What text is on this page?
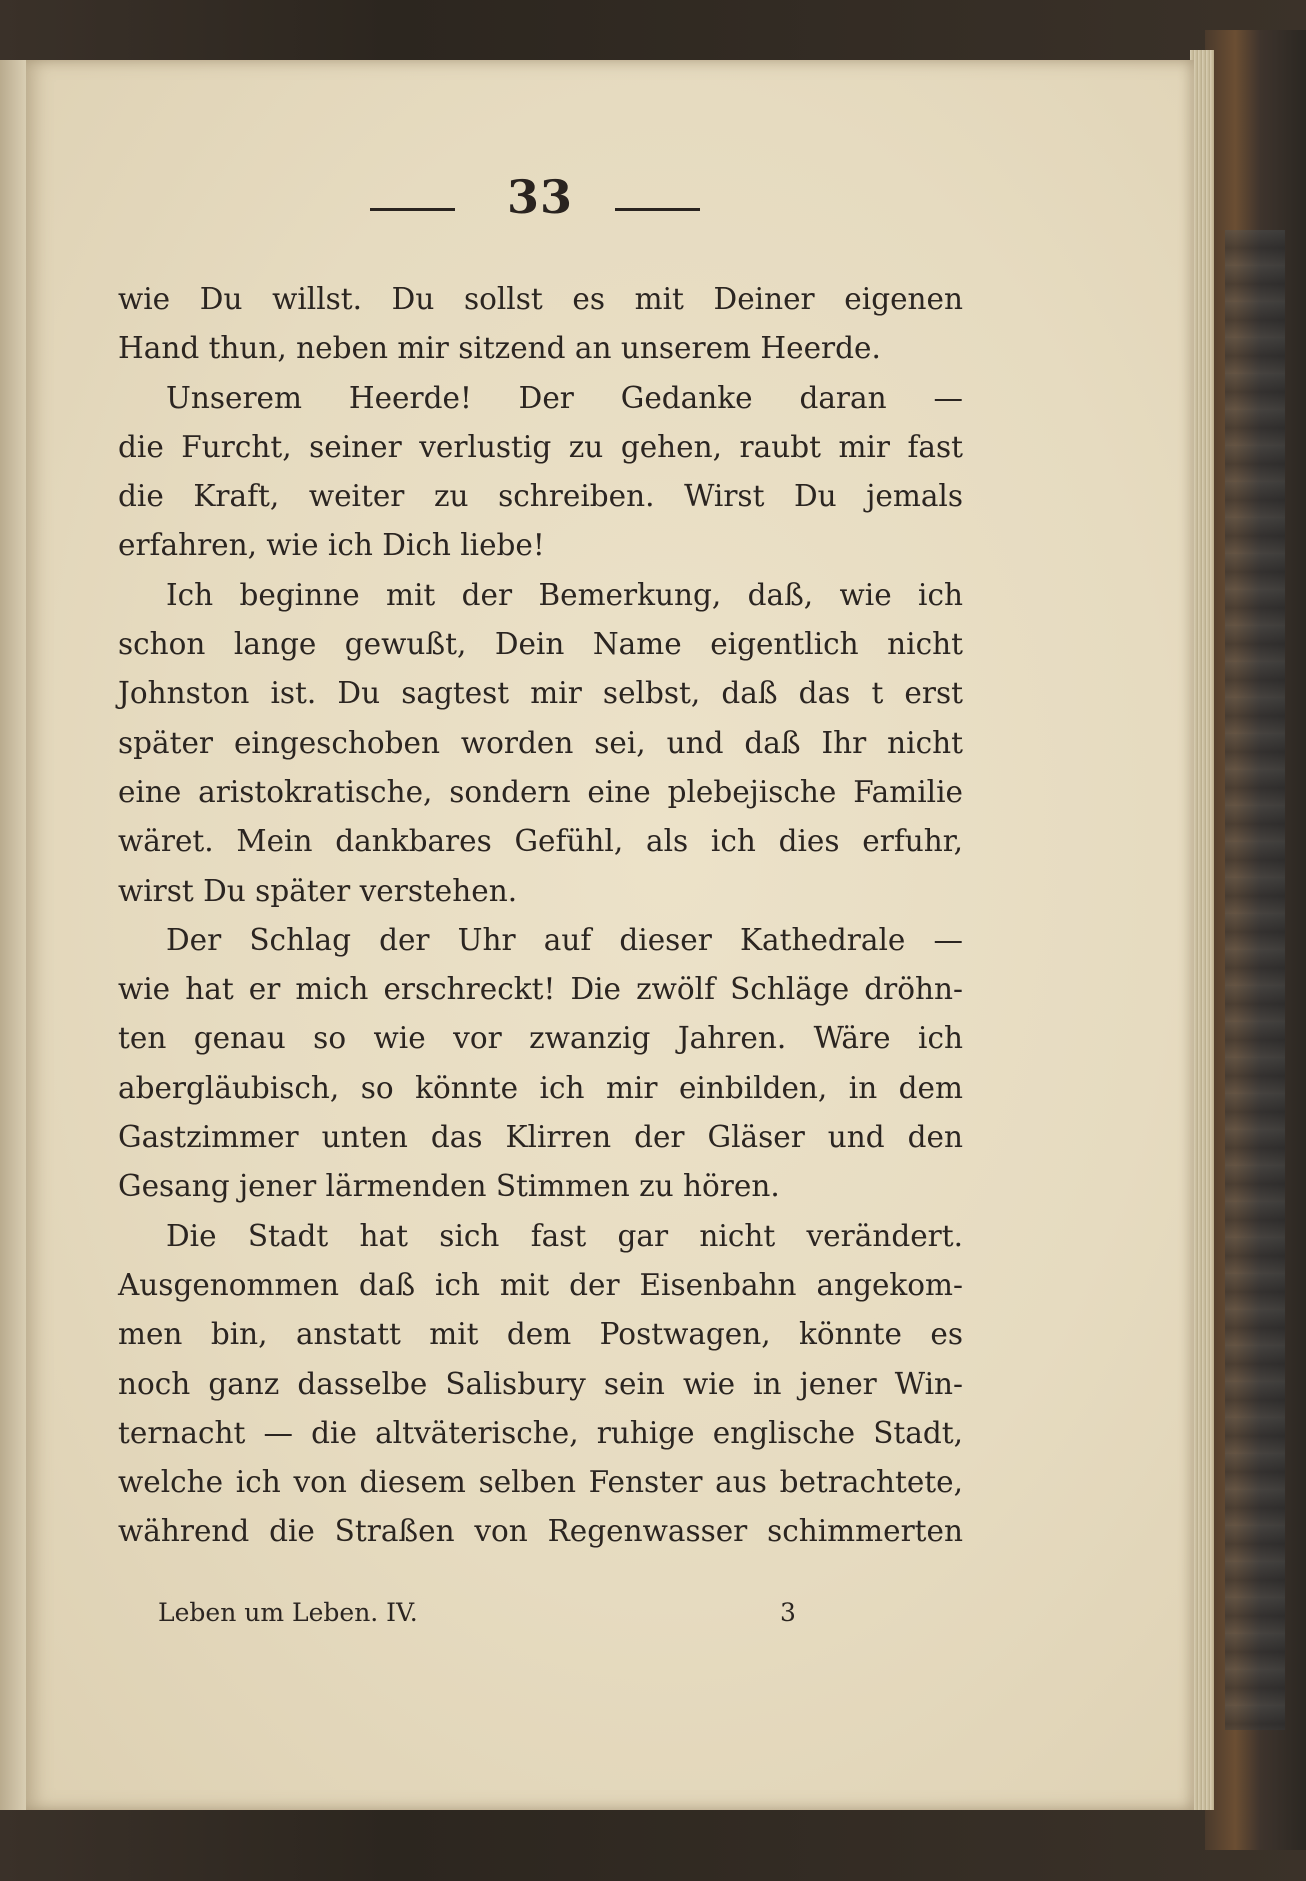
33
wie Du willst. Du sollst es mit Deiner eigenen
Hand thun, neben mir sitzend an unserem Heerde.
Unserem Heerde! Der Gedanke daran —
die Furcht, seiner verlustig zu gehen, raubt mir fast
die Kraft, weiter zu schreiben. Wirst Du jemals
erfahren, wie ich Dich liebe!
Ich beginne mit der Bemerkung, daß, wie ich
schon lange gewußt, Dein Name eigentlich nicht
Johnston ist. Du sagtest mir selbst, daß das t erst
später eingeschoben worden sei, und daß Ihr nicht
eine aristokratische, sondern eine plebejische Familie
wäret. Mein dankbares Gefühl, als ich dies erfuhr,
wirst Du später verstehen.
Der Schlag der Uhr auf dieser Kathedrale —
wie hat er mich erschreckt! Die zwölf Schläge dröhn-
ten genau so wie vor zwanzig Jahren. Wäre ich
abergläubisch, so könnte ich mir einbilden, in dem
Gastzimmer unten das Klirren der Gläser und den
Gesang jener lärmenden Stimmen zu hören.
Die Stadt hat sich fast gar nicht verändert.
Ausgenommen daß ich mit der Eisenbahn angekom-
men bin, anstatt mit dem Postwagen, könnte es
noch ganz dasselbe Salisbury sein wie in jener Win-
ternacht — die altväterische, ruhige englische Stadt,
welche ich von diesem selben Fenster aus betrachtete,
während die Straßen von Regenwasser schimmerten
Leben um Leben. IV.	3
